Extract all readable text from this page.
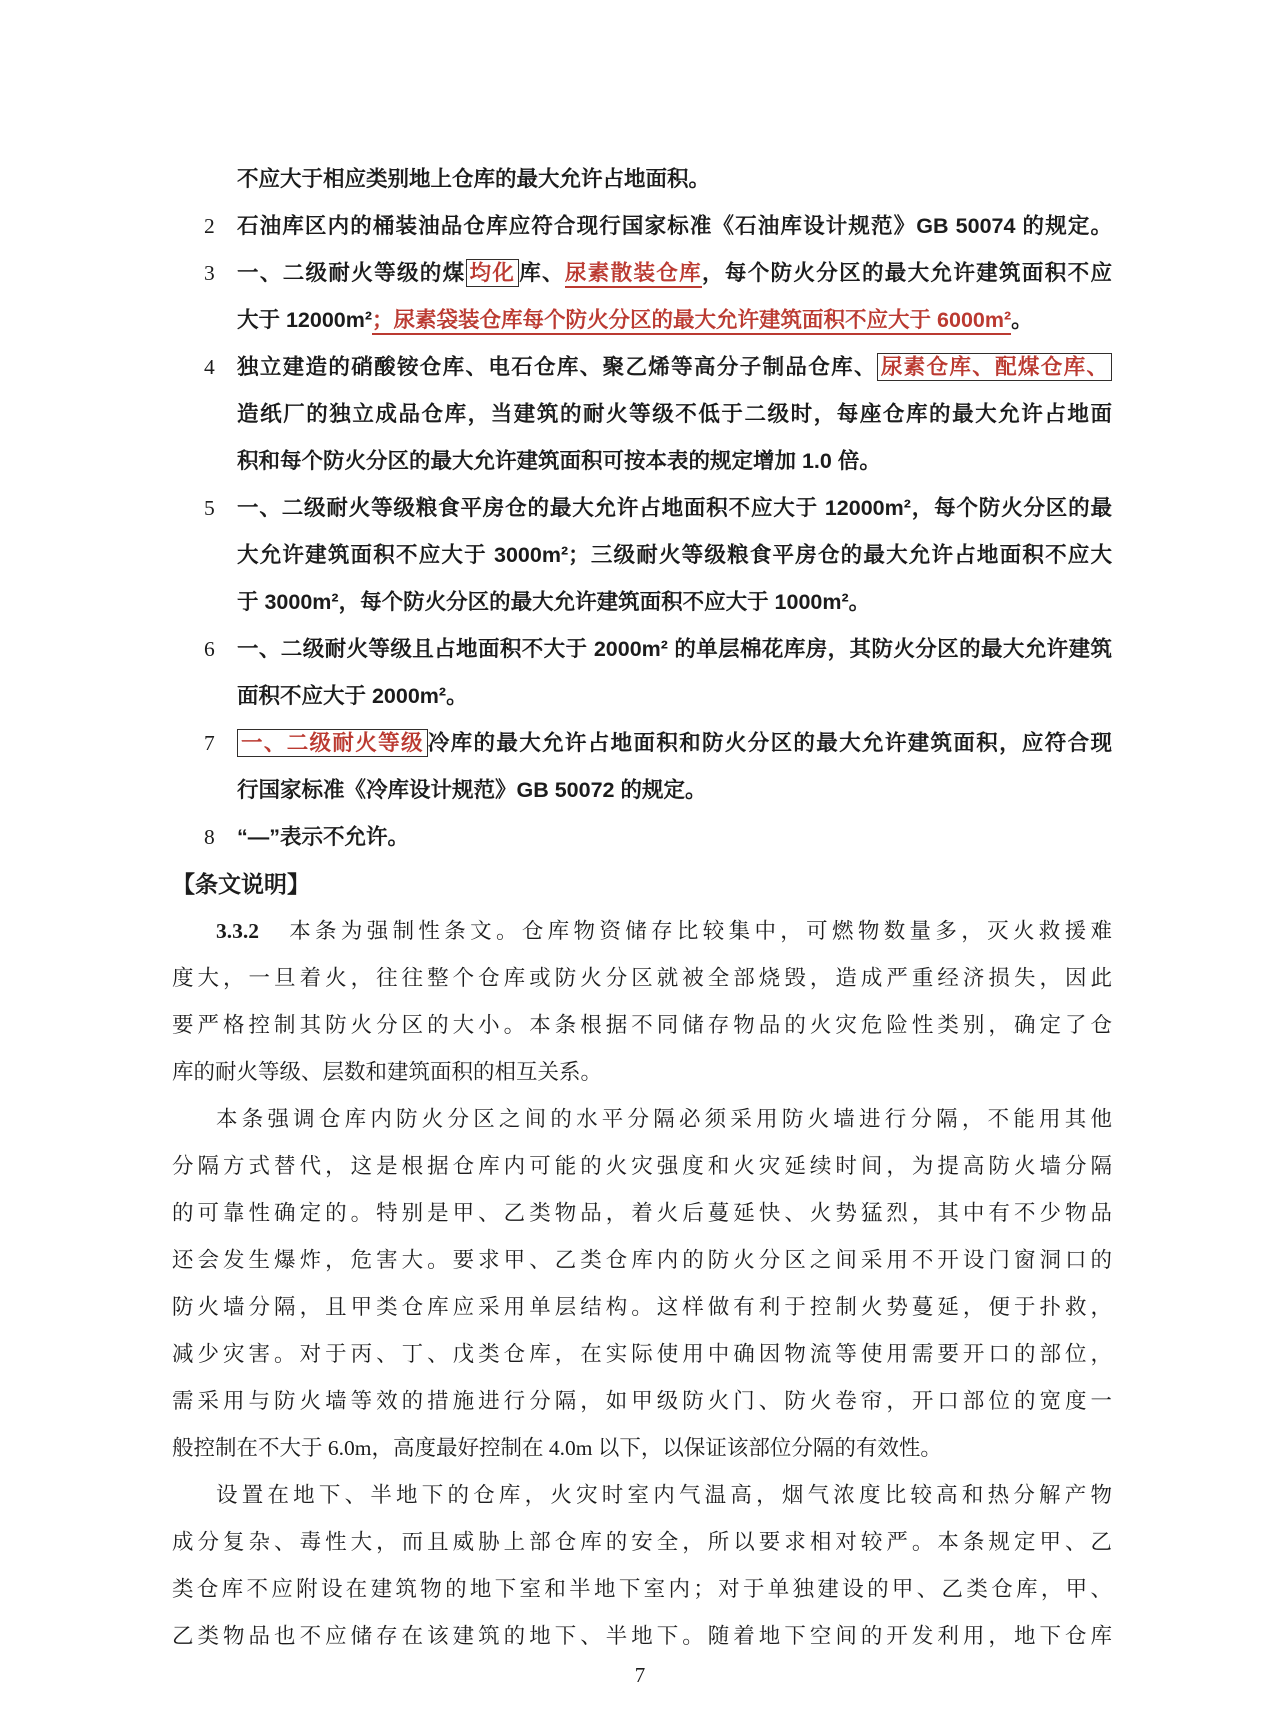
不应大于相应类别地上仓库的最大允许占地面积。
2 石油库区内的桶装油品仓库应符合现行国家标准《石油库设计规范》GB 50074 的规定。
3 一、二级耐火等级的煤 均化 库、尿素散装仓库，每个防火分区的最大允许建筑面积不应
大于 12000m²；尿素袋装仓库每个防火分区的最大允许建筑面积不应大于 6000m²。
4 独立建造的硝酸铵仓库、电石仓库、聚乙烯等高分子制品仓库、 尿素仓库、配煤仓库、
造纸厂的独立成品仓库，当建筑的耐火等级不低于二级时，每座仓库的最大允许占地面
积和每个防火分区的最大允许建筑面积可按本表的规定增加 1.0 倍。
5 一、二级耐火等级粮食平房仓的最大允许占地面积不应大于 12000m²，每个防火分区的最
大允许建筑面积不应大于 3000m²；三级耐火等级粮食平房仓的最大允许占地面积不应大
于 3000m²，每个防火分区的最大允许建筑面积不应大于 1000m²。
6 一、二级耐火等级且占地面积不大于 2000m² 的单层棉花库房，其防火分区的最大允许建筑
面积不应大于 2000m²。
7 一、二级耐火等级 冷库的最大允许占地面积和防火分区的最大允许建筑面积，应符合现
行国家标准《冷库设计规范》GB 50072 的规定。
8 “—”表示不允许。
【条文说明】
3.3.2　本条为强制性条文。仓库物资储存比较集中，可燃物数量多，灭火救援难
度大，一旦着火，往往整个仓库或防火分区就被全部烧毁，造成严重经济损失，因此
要严格控制其防火分区的大小。本条根据不同储存物品的火灾危险性类别，确定了仓
库的耐火等级、层数和建筑面积的相互关系。
本条强调仓库内防火分区之间的水平分隔必须采用防火墙进行分隔，不能用其他
分隔方式替代，这是根据仓库内可能的火灾强度和火灾延续时间，为提高防火墙分隔
的可靠性确定的。特别是甲、乙类物品，着火后蔓延快、火势猛烈，其中有不少物品
还会发生爆炸，危害大。要求甲、乙类仓库内的防火分区之间采用不开设门窗洞口的
防火墙分隔，且甲类仓库应采用单层结构。这样做有利于控制火势蔓延，便于扑救，
减少灾害。对于丙、丁、戊类仓库，在实际使用中确因物流等使用需要开口的部位，
需采用与防火墙等效的措施进行分隔，如甲级防火门、防火卷帘，开口部位的宽度一
般控制在不大于 6.0m，高度最好控制在 4.0m 以下，以保证该部位分隔的有效性。
设置在地下、半地下的仓库，火灾时室内气温高，烟气浓度比较高和热分解产物
成分复杂、毒性大，而且威胁上部仓库的安全，所以要求相对较严。本条规定甲、乙
类仓库不应附设在建筑物的地下室和半地下室内；对于单独建设的甲、乙类仓库，甲、
乙类物品也不应储存在该建筑的地下、半地下。随着地下空间的开发利用，地下仓库
7
